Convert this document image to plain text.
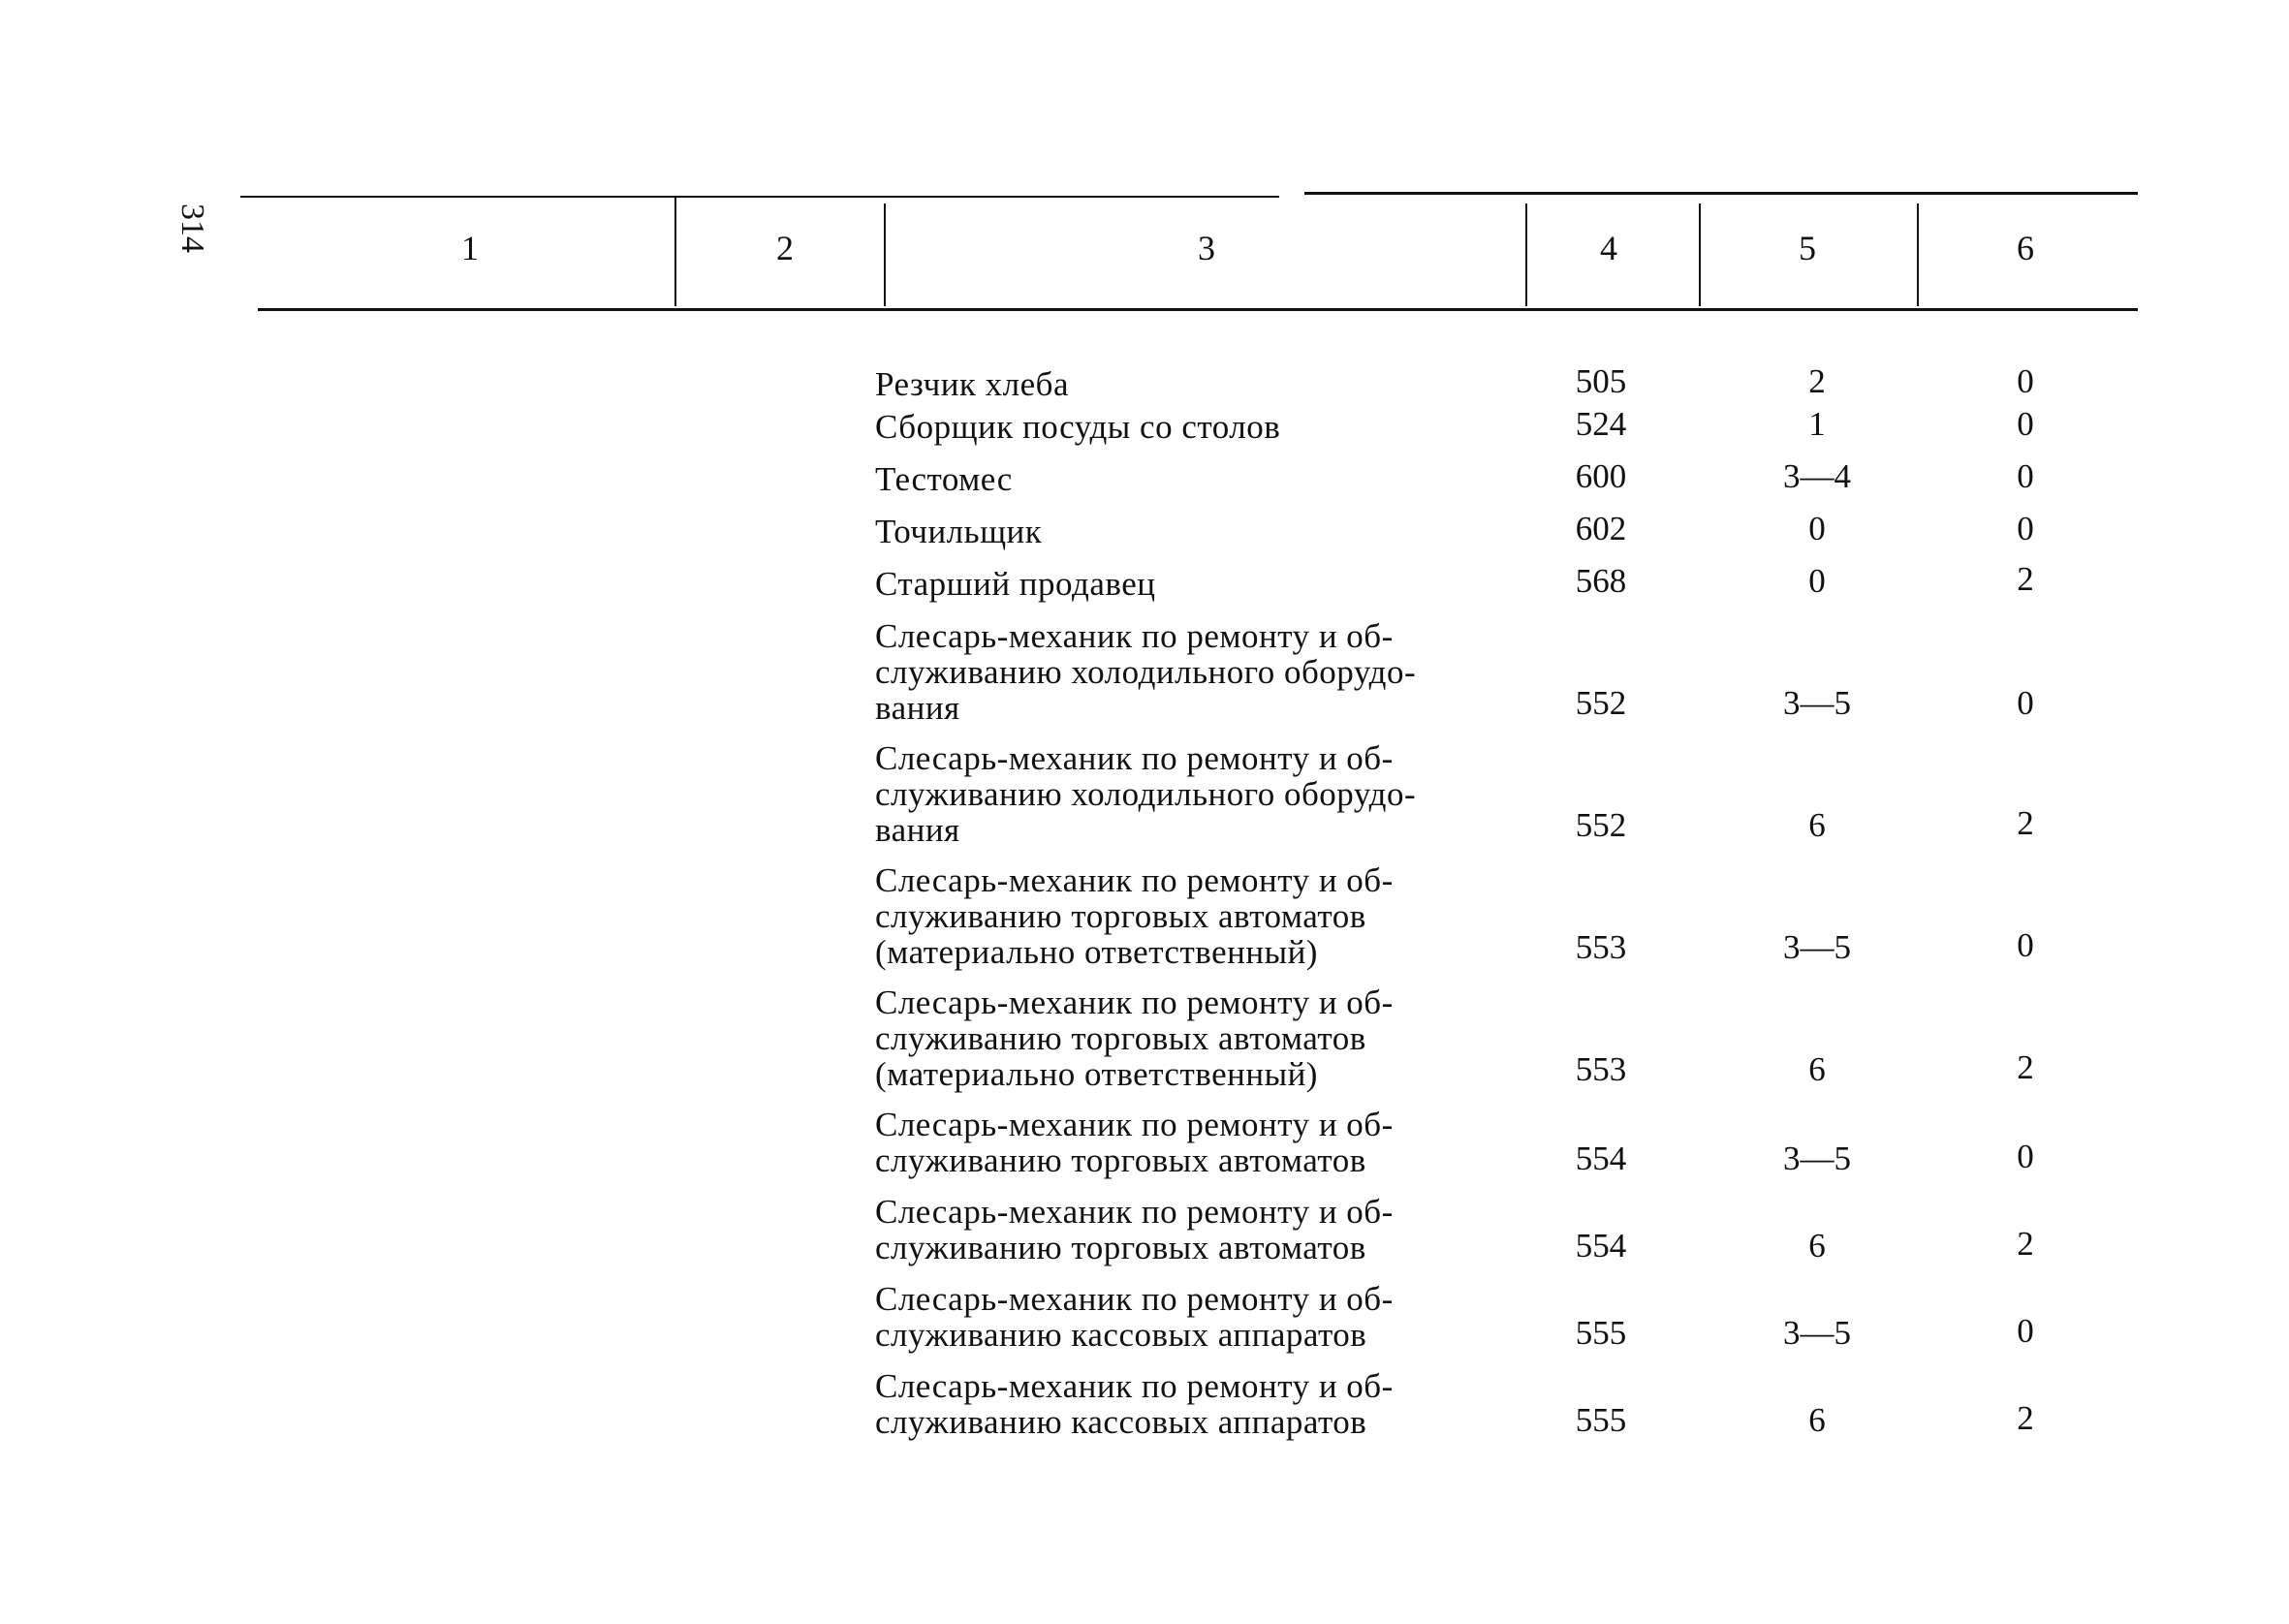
314	1	2	3	4	5	6
Резчик хлеба	505	2	0
Сборщик посуды со столов	524	1	0
Тестомес	600	3—4	0
Точильщик	602	0	0
Старший продавец	568	0	2
Слесарь-механик по ремонту и об-
служиванию холодильного оборудо-
вания	552	3—5	0
Слесарь-механик по ремонту и об-
служиванию холодильного оборудо-
вания	552	6	2
Слесарь-механик по ремонту и об-
служиванию торговых автоматов
(материально ответственный)	553	3—5	0
Слесарь-механик по ремонту и об-
служиванию торговых автоматов
(материально ответственный)	553	6	2
Слесарь-механик по ремонту и об-
служиванию торговых автоматов	554	3—5	0
Слесарь-механик по ремонту и об-
служиванию торговых автоматов	554	6	2
Слесарь-механик по ремонту и об-
служиванию кассовых аппаратов	555	3—5	0
Слесарь-механик по ремонту и об-
служиванию кассовых аппаратов	555	6	2
